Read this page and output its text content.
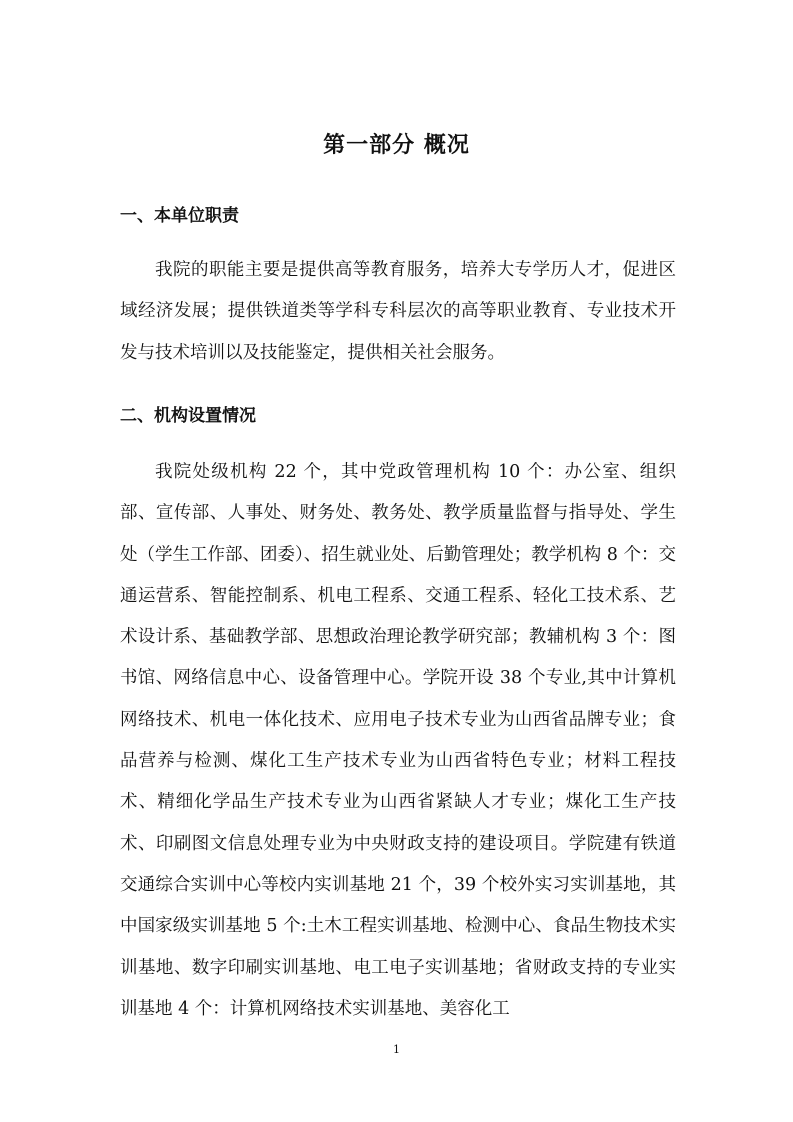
第一部分 概况
一、本单位职责

我院的职能主要是提供高等教育服务，培养大专学历人才，促进区域经济发展；提供铁道类等学科专科层次的高等职业教育、专业技术开发与技术培训以及技能鉴定，提供相关社会服务。

二、机构设置情况

我院处级机构 22 个，其中党政管理机构 10 个：办公室、组织部、宣传部、人事处、财务处、教务处、教学质量监督与指导处、学生处（学生工作部、团委）、招生就业处、后勤管理处；教学机构 8 个：交通运营系、智能控制系、机电工程系、交通工程系、轻化工技术系、艺术设计系、基础教学部、思想政治理论教学研究部；教辅机构 3 个：图书馆、网络信息中心、设备管理中心。学院开设 38 个专业,其中计算机网络技术、机电一体化技术、应用电子技术专业为山西省品牌专业；食品营养与检测、煤化工生产技术专业为山西省特色专业；材料工程技术、精细化学品生产技术专业为山西省紧缺人才专业；煤化工生产技术、印刷图文信息处理专业为中央财政支持的建设项目。学院建有铁道交通综合实训中心等校内实训基地 21 个，39 个校外实习实训基地，其中国家级实训基地 5 个:土木工程实训基地、检测中心、食品生物技术实训基地、数字印刷实训基地、电工电子实训基地；省财政支持的专业实训基地 4 个：计算机网络技术实训基地、美容化工

1
